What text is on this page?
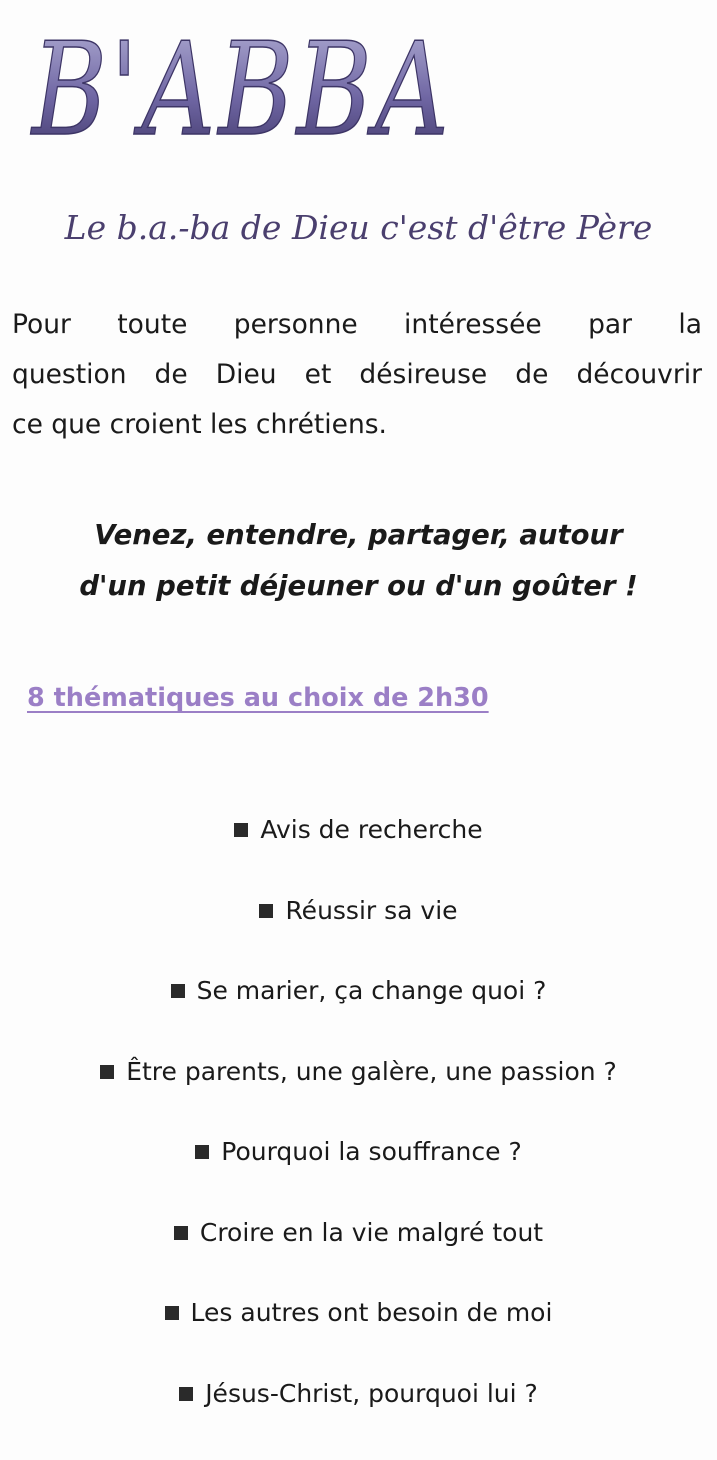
B'ABBA
Le b.a.-ba de Dieu c'est d'être Père
Pour toute personne intéressée par la
question de Dieu et désireuse de découvrir
ce que croient les chrétiens.
Venez, entendre, partager, autour
d'un petit déjeuner ou d'un goûter !
8 thématiques au choix de 2h30
Avis de recherche
Réussir sa vie
Se marier, ça change quoi ?
Être parents, une galère, une passion ?
Pourquoi la souffrance ?
Croire en la vie malgré tout
Les autres ont besoin de moi
Jésus-Christ, pourquoi lui ?
